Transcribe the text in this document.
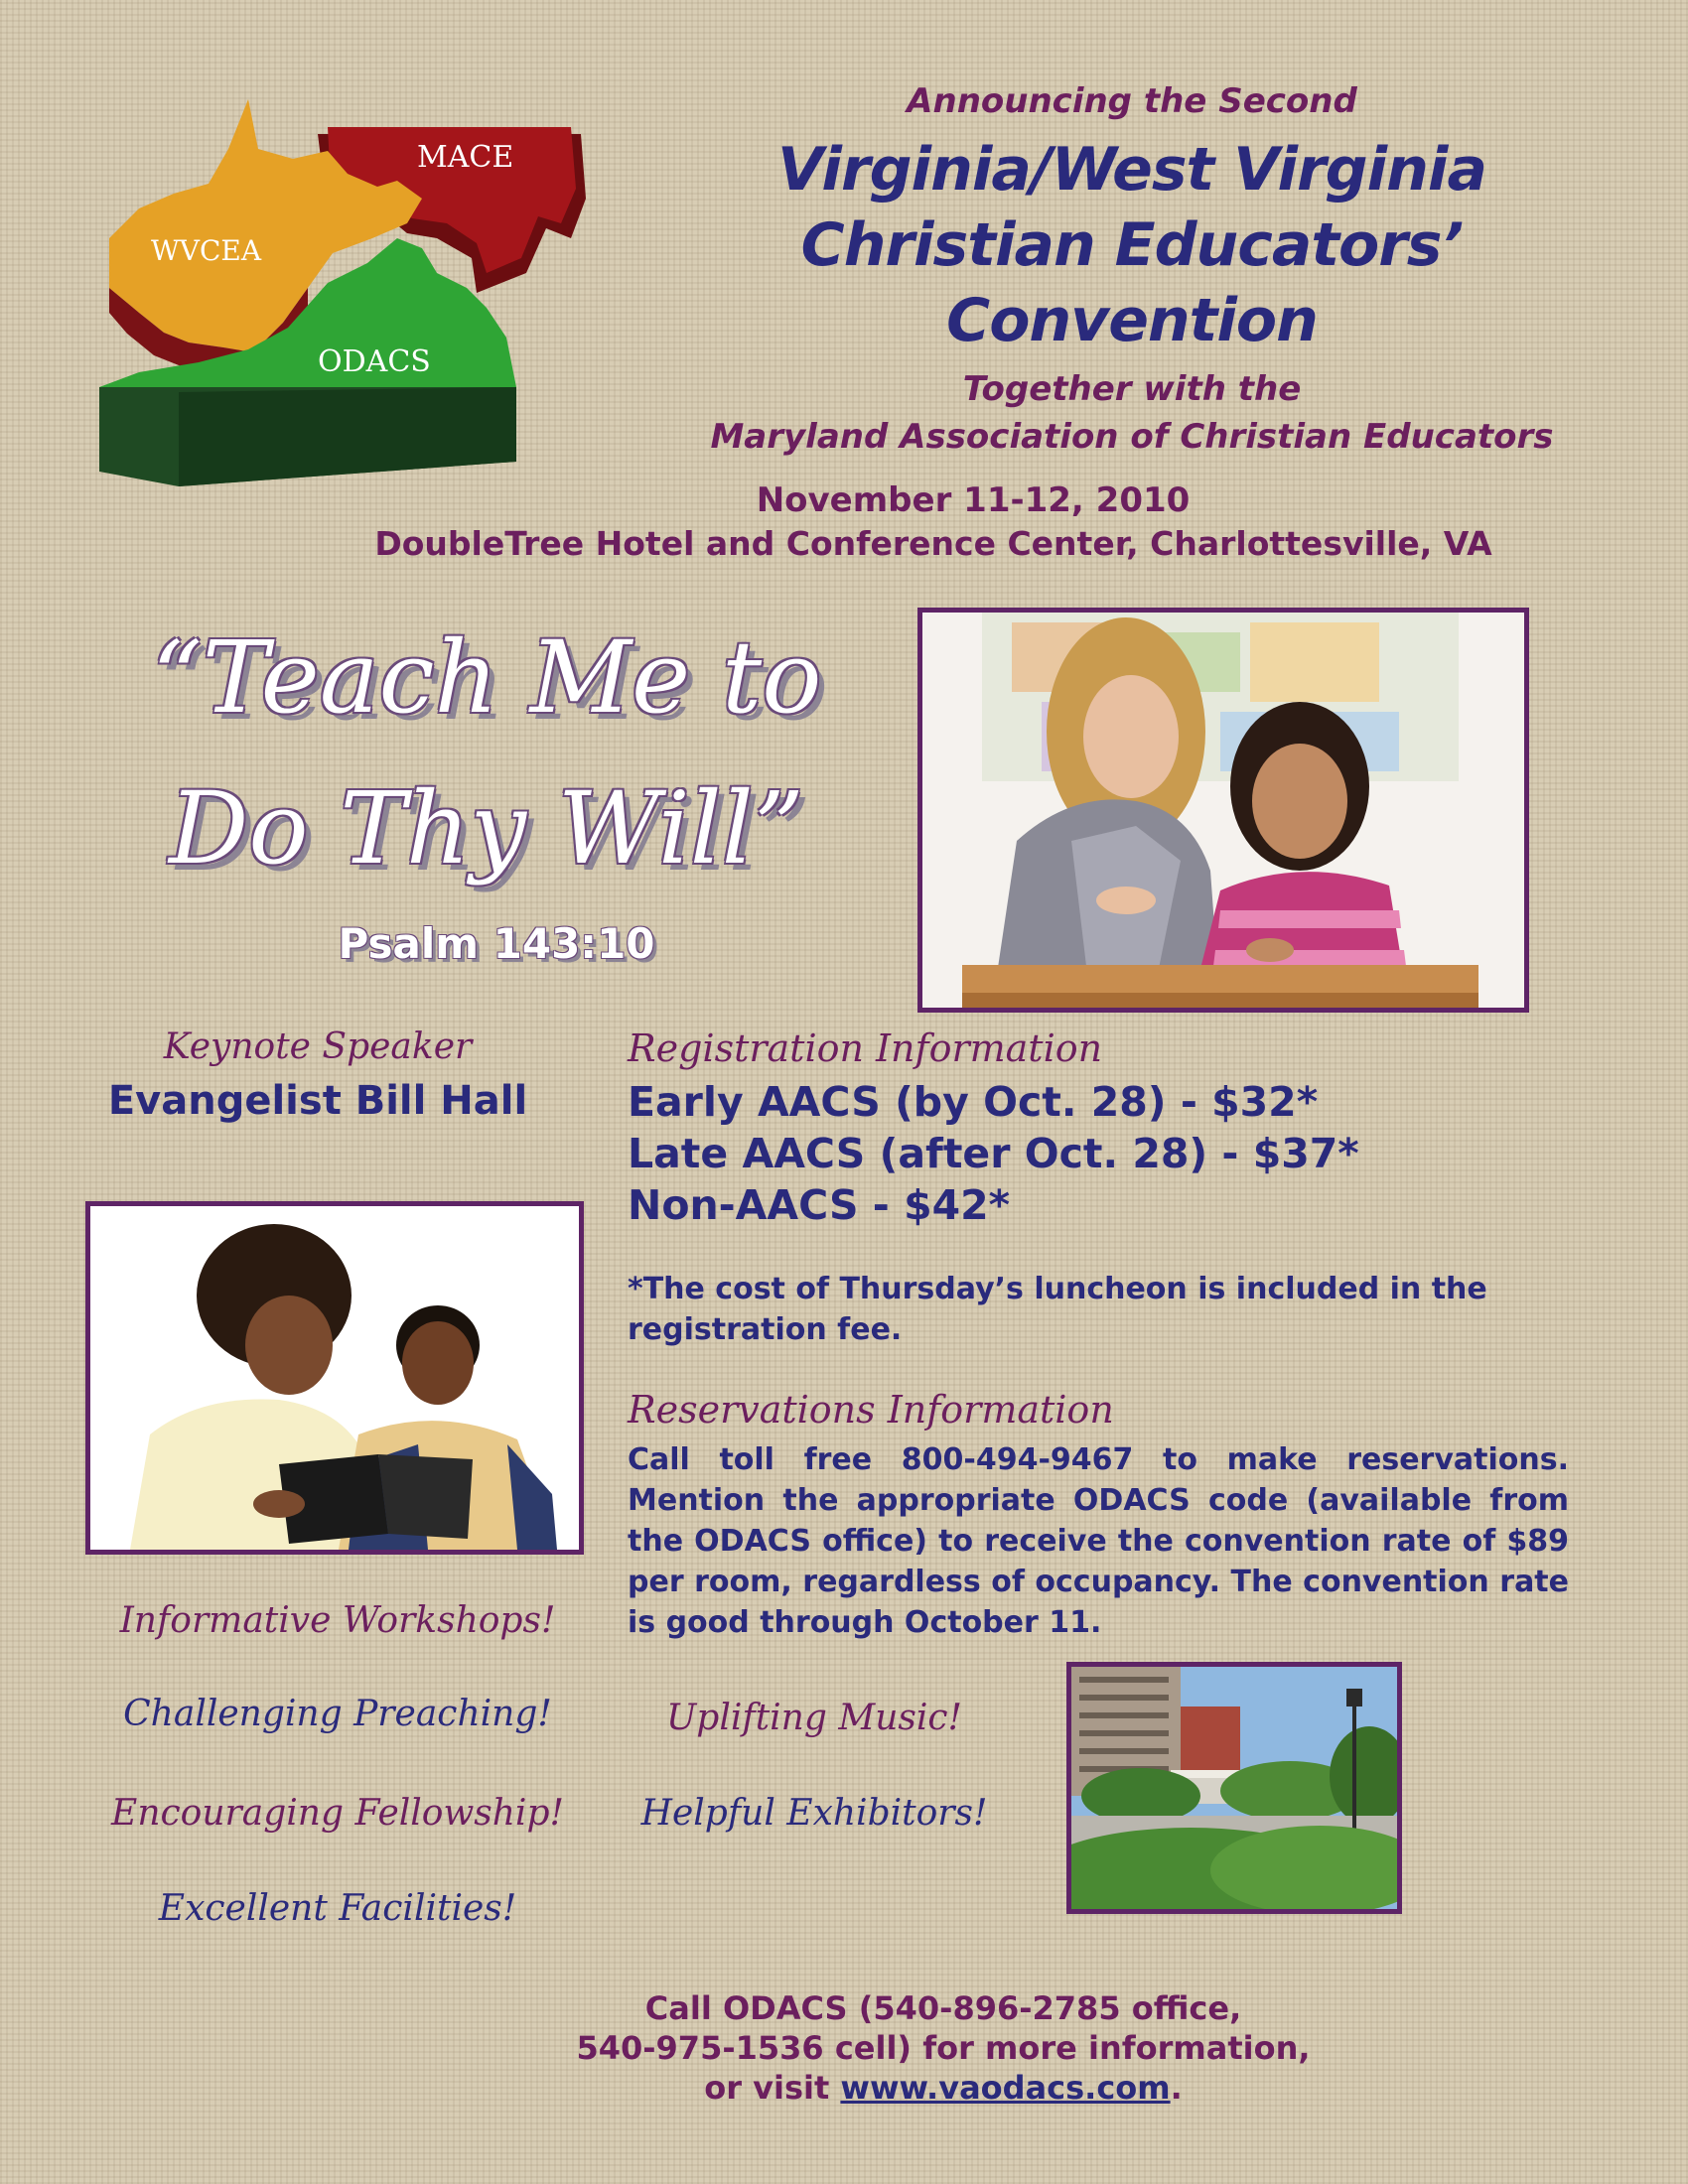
MACE
WVCEA
ODACS
Announcing the Second
Virginia/West Virginia
Christian Educators’
Convention
Together with the
Maryland Association of Christian Educators
November 11-12, 2010
DoubleTree Hotel and Conference Center, Charlottesville, VA
“Teach Me to
Do Thy Will”
Psalm 143:10
Keynote Speaker
Evangelist Bill Hall
Registration Information
Early AACS (by Oct. 28) - $32*
Late AACS (after Oct. 28) - $37*
Non-AACS - $42*
*The cost of Thursday’s luncheon is included in the registration fee.
Reservations Information
Call toll free 800-494-9467 to make reservations. Mention the appropriate ODACS code (available from the ODACS office) to receive the convention rate of $89 per room, regardless of occupancy. The convention rate is good through October 11.
Informative Workshops!
Challenging Preaching!
Encouraging Fellowship!
Excellent Facilities!
Uplifting Music!
Helpful Exhibitors!
Call ODACS (540-896-2785 office,
540-975-1536 cell) for more information,
or visit www.vaodacs.com.
